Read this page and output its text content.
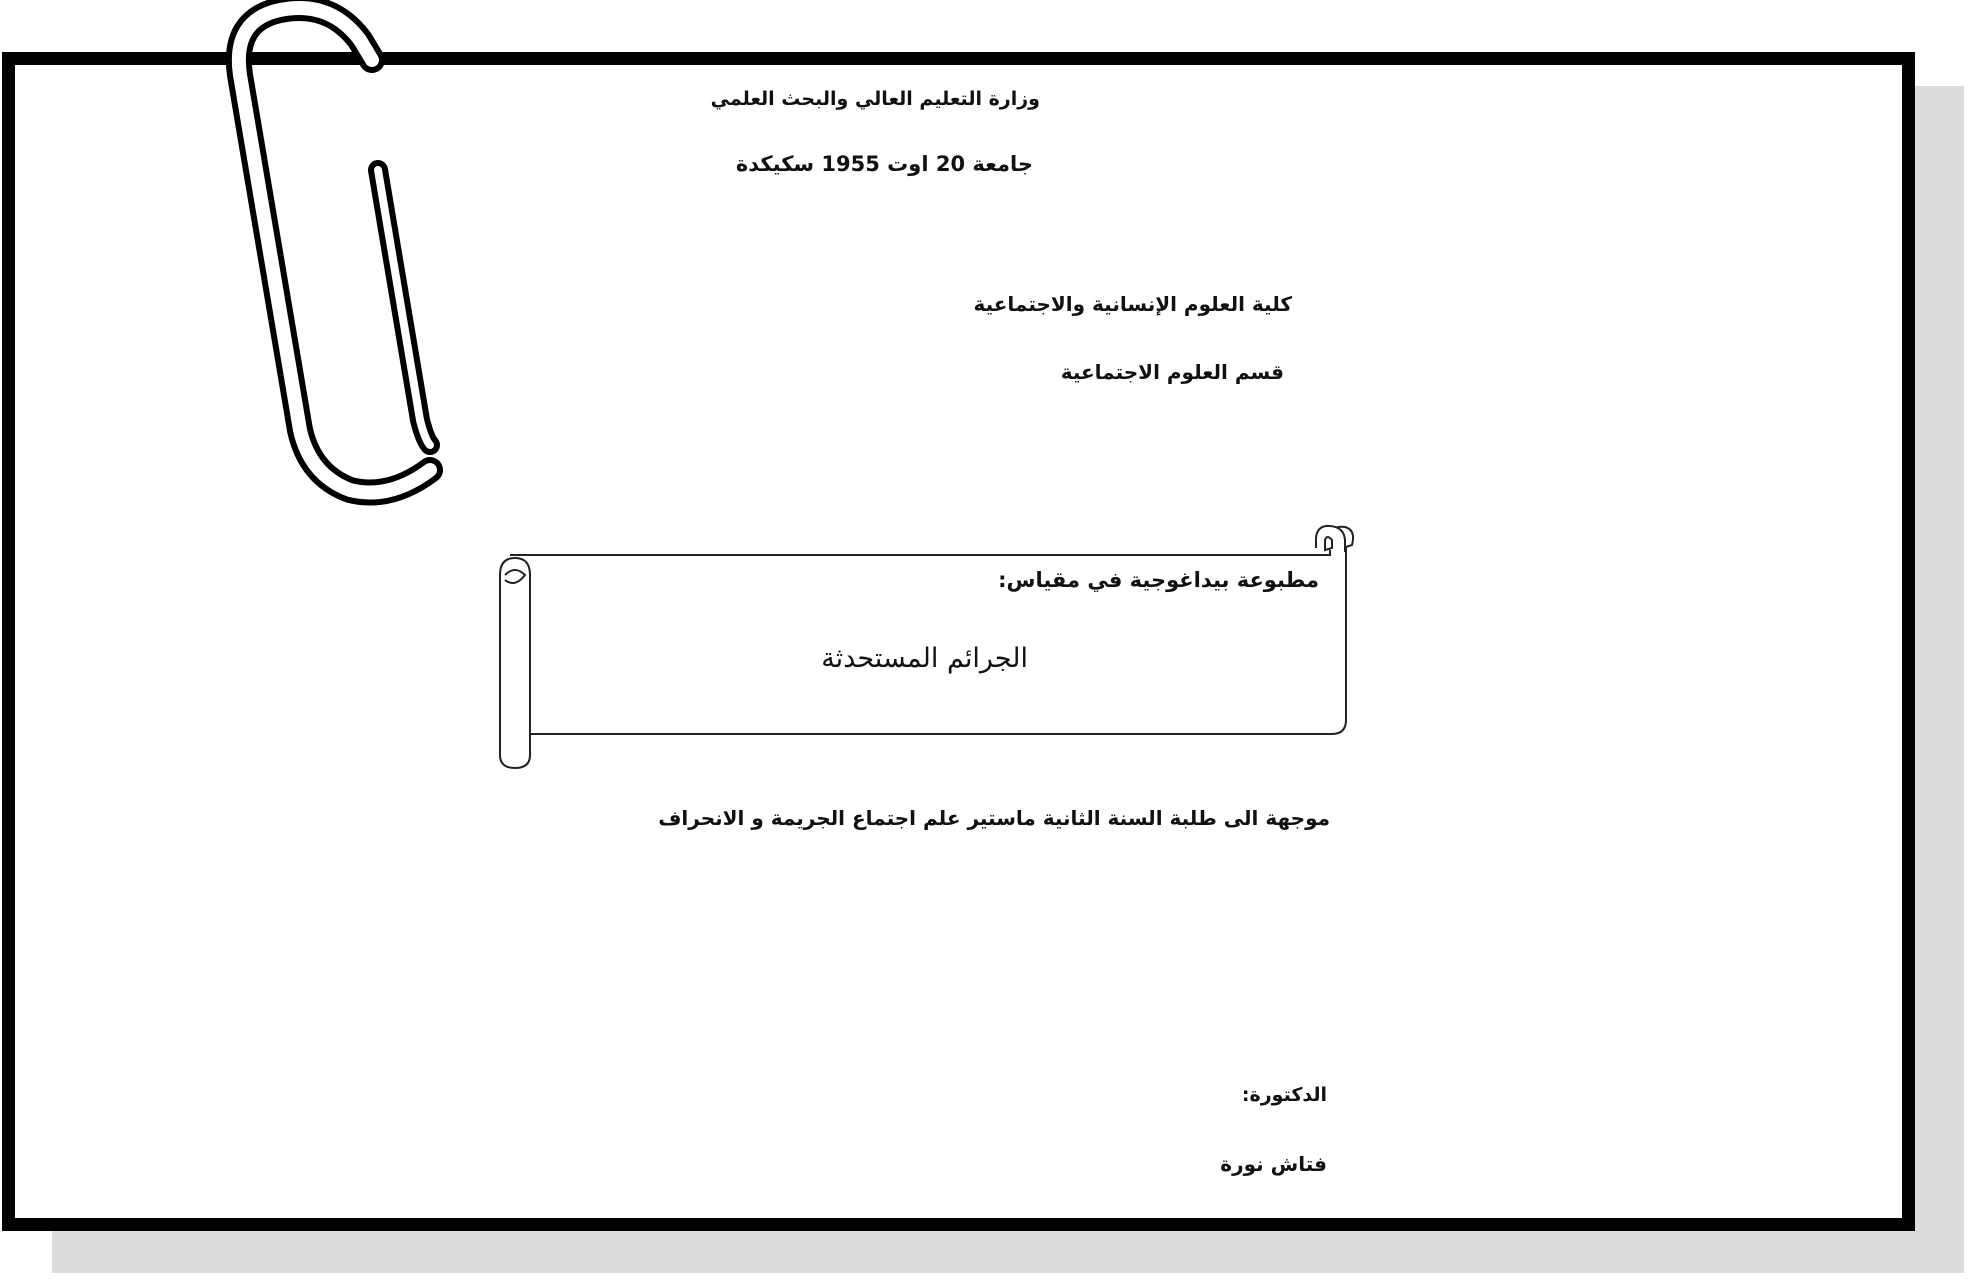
وزارة التعليم العالي والبحث العلمي
جامعة 20 اوت 1955 سكيكدة
كلية العلوم الإنسانية والاجتماعية
قسم العلوم الاجتماعية
مطبوعة بيداغوجية في مقياس:
الجرائم المستحدثة
موجهة الى طلبة السنة الثانية ماستير علم اجتماع الجريمة و الانحراف
الدكتورة:
فتاش نورة
